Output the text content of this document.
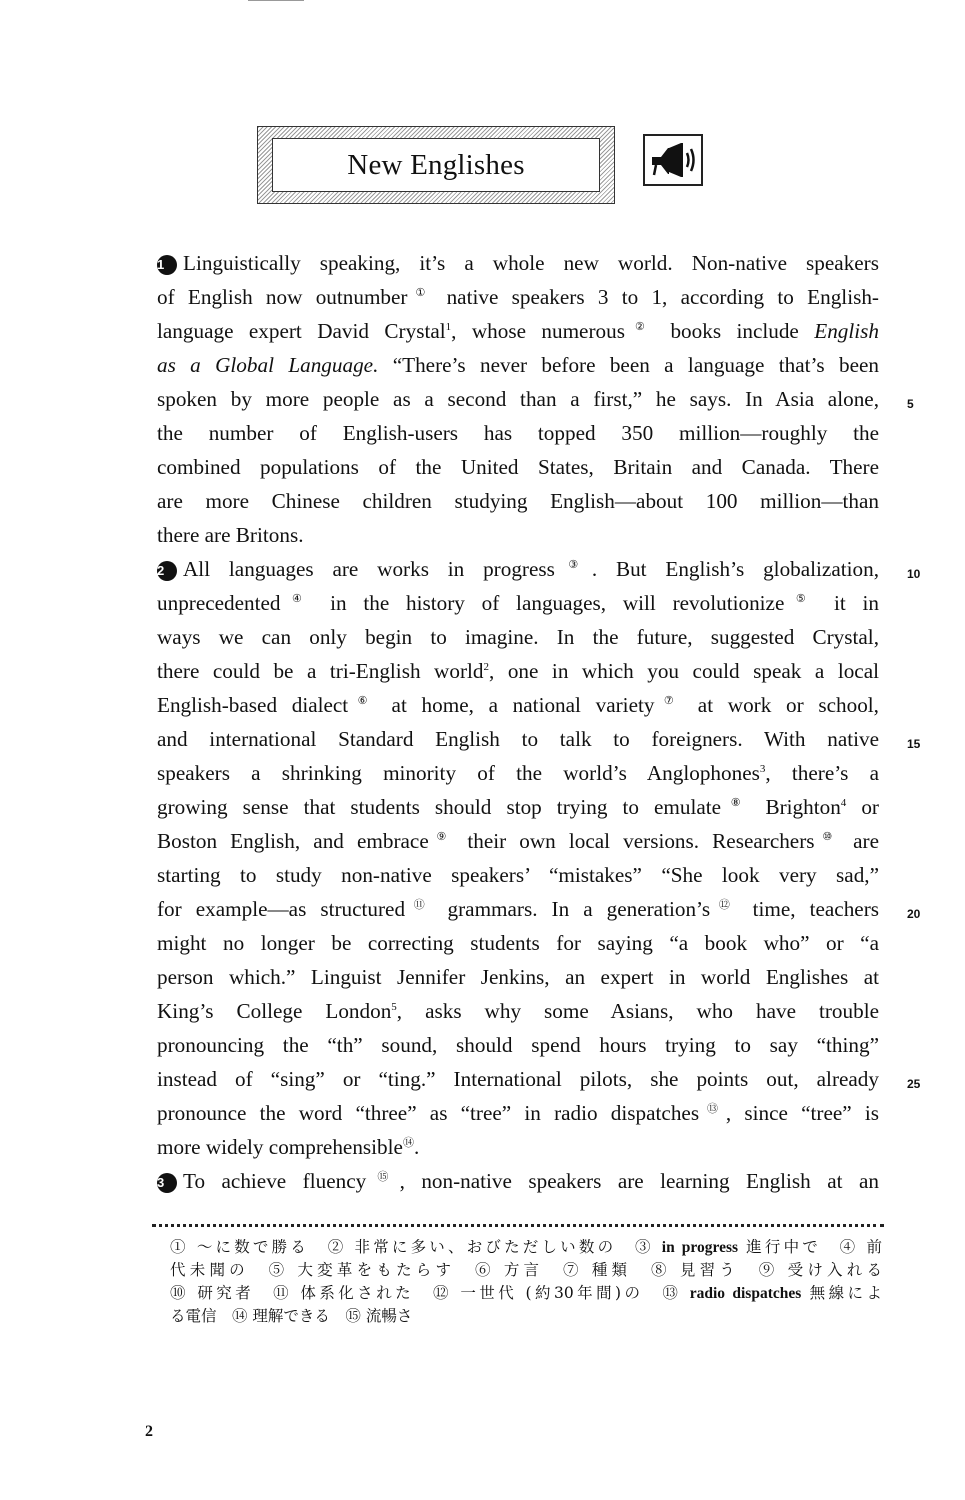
New Englishes
1 Linguistically speaking, it’s a whole new world. Non-native speakers
of English now outnumber① native speakers 3 to 1, according to English-
language expert David Crystal$^1$, whose numerous② books include English
as a Global Language. “There’s never before been a language that’s been
spoken by more people as a second than a first,” he says. In Asia alone,
the number of English-users has topped 350 million—roughly the
combined populations of the United States, Britain and Canada. There
are more Chinese children studying English—about 100 million—than
there are Britons.
2 All languages are works in progress③. But English’s globalization,
unprecedented④ in the history of languages, will revolutionize⑤ it in
ways we can only begin to imagine. In the future, suggested Crystal,
there could be a tri-English world$^2$, one in which you could speak a local
English-based dialect⑥ at home, a national variety⑦ at work or school,
and international Standard English to talk to foreigners. With native
speakers a shrinking minority of the world’s Anglophones$^3$, there’s a
growing sense that students should stop trying to emulate⑧ Brighton$^4$ or
Boston English, and embrace⑨ their own local versions. Researchers⑩ are
starting to study non-native speakers’ “mistakes” “She look very sad,”
for example—as structured⑪ grammars. In a generation’s⑫ time, teachers
might no longer be correcting students for saying “a book who” or “a
person which.” Linguist Jennifer Jenkins, an expert in world Englishes at
King’s College London$^5$, asks why some Asians, who have trouble
pronouncing the “th” sound, should spend hours trying to say “thing”
instead of “sing” or “ting.” International pilots, she points out, already
pronounce the word “three” as “tree” in radio dispatches⑬, since “tree” is
more widely comprehensible⑭.
3 To achieve fluency⑮, non-native speakers are learning English at an
5
10
15
20
25
① ～に数で勝る　② 非常に多い、おびただしい数の　③ in progress 進行中で　④ 前
代未聞の　⑤ 大変革をもたらす　⑥ 方言　⑦ 種類　⑧ 見習う　⑨ 受け入れる
⑩ 研究者　⑪ 体系化された　⑫ 一世代 (約30年間)の　⑬ radio dispatches 無線によ
る電信　⑭ 理解できる　⑮ 流暢さ
2
